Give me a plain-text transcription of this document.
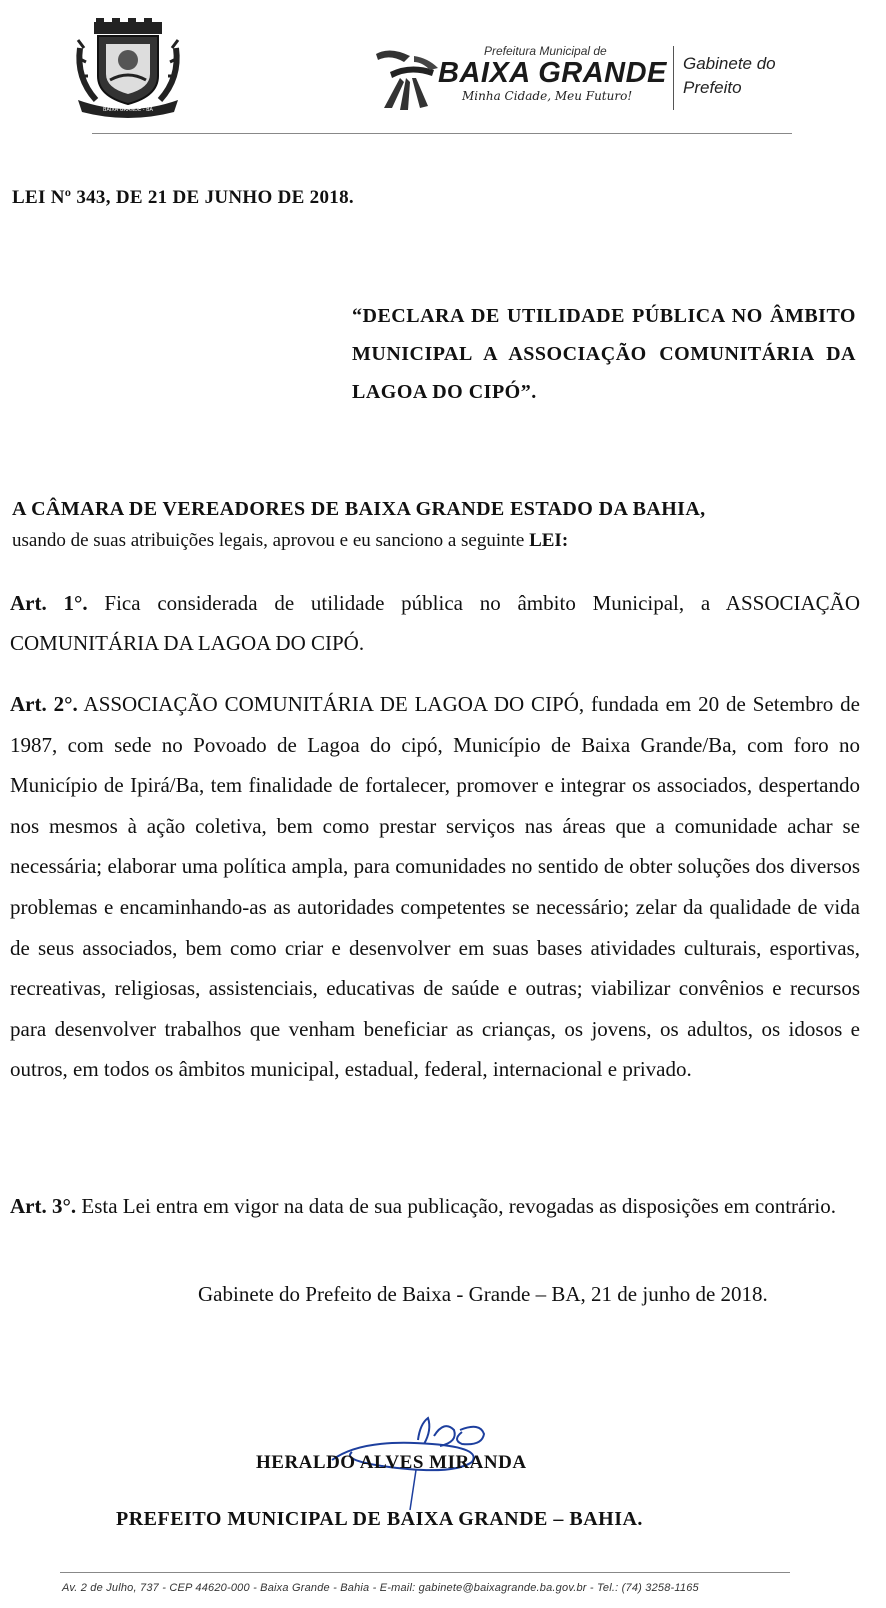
BAIXA GRANDE - BA
Prefeitura Municipal de
BAIXA GRANDE
Minha Cidade, Meu Futuro!
Gabinete do
Prefeito
LEI Nº 343, DE 21 DE JUNHO DE 2018.
“DECLARA DE UTILIDADE PÚBLICA NO ÂMBITO MUNICIPAL A ASSOCIAÇÃO COMUNITÁRIA DA LAGOA DO CIPÓ”.
A CÂMARA DE VEREADORES DE BAIXA GRANDE ESTADO DA BAHIA,
usando de suas atribuições legais, aprovou e eu sanciono a seguinte LEI:
Art. 1°. Fica considerada de utilidade pública no âmbito Municipal, a ASSOCIAÇÃO COMUNITÁRIA DA LAGOA DO CIPÓ.
Art. 2°. ASSOCIAÇÃO COMUNITÁRIA DE LAGOA DO CIPÓ, fundada em 20 de Setembro de 1987, com sede no Povoado de Lagoa do cipó, Município de Baixa Grande/Ba, com foro no Município de Ipirá/Ba, tem finalidade de fortalecer, promover e integrar os associados, despertando nos mesmos à ação coletiva, bem como prestar serviços nas áreas que a comunidade achar se necessária; elaborar uma política ampla, para comunidades no sentido de obter soluções dos diversos problemas e encaminhando-as as autoridades competentes se necessário; zelar da qualidade de vida de seus associados, bem como criar e desenvolver em suas bases atividades culturais, esportivas, recreativas, religiosas, assistenciais, educativas de saúde e outras; viabilizar convênios e recursos para desenvolver trabalhos que venham beneficiar as crianças, os jovens, os adultos, os idosos e outros, em todos os âmbitos municipal, estadual, federal, internacional e privado.
Art. 3°. Esta Lei entra em vigor na data de sua publicação, revogadas as disposições em contrário.
Gabinete do Prefeito de Baixa - Grande – BA, 21 de junho de 2018.
HERALDO ALVES MIRANDA
PREFEITO MUNICIPAL DE BAIXA GRANDE – BAHIA.
Av. 2 de Julho, 737 - CEP 44620-000 - Baixa Grande - Bahia - E-mail: gabinete@baixagrande.ba.gov.br - Tel.: (74) 3258-1165
